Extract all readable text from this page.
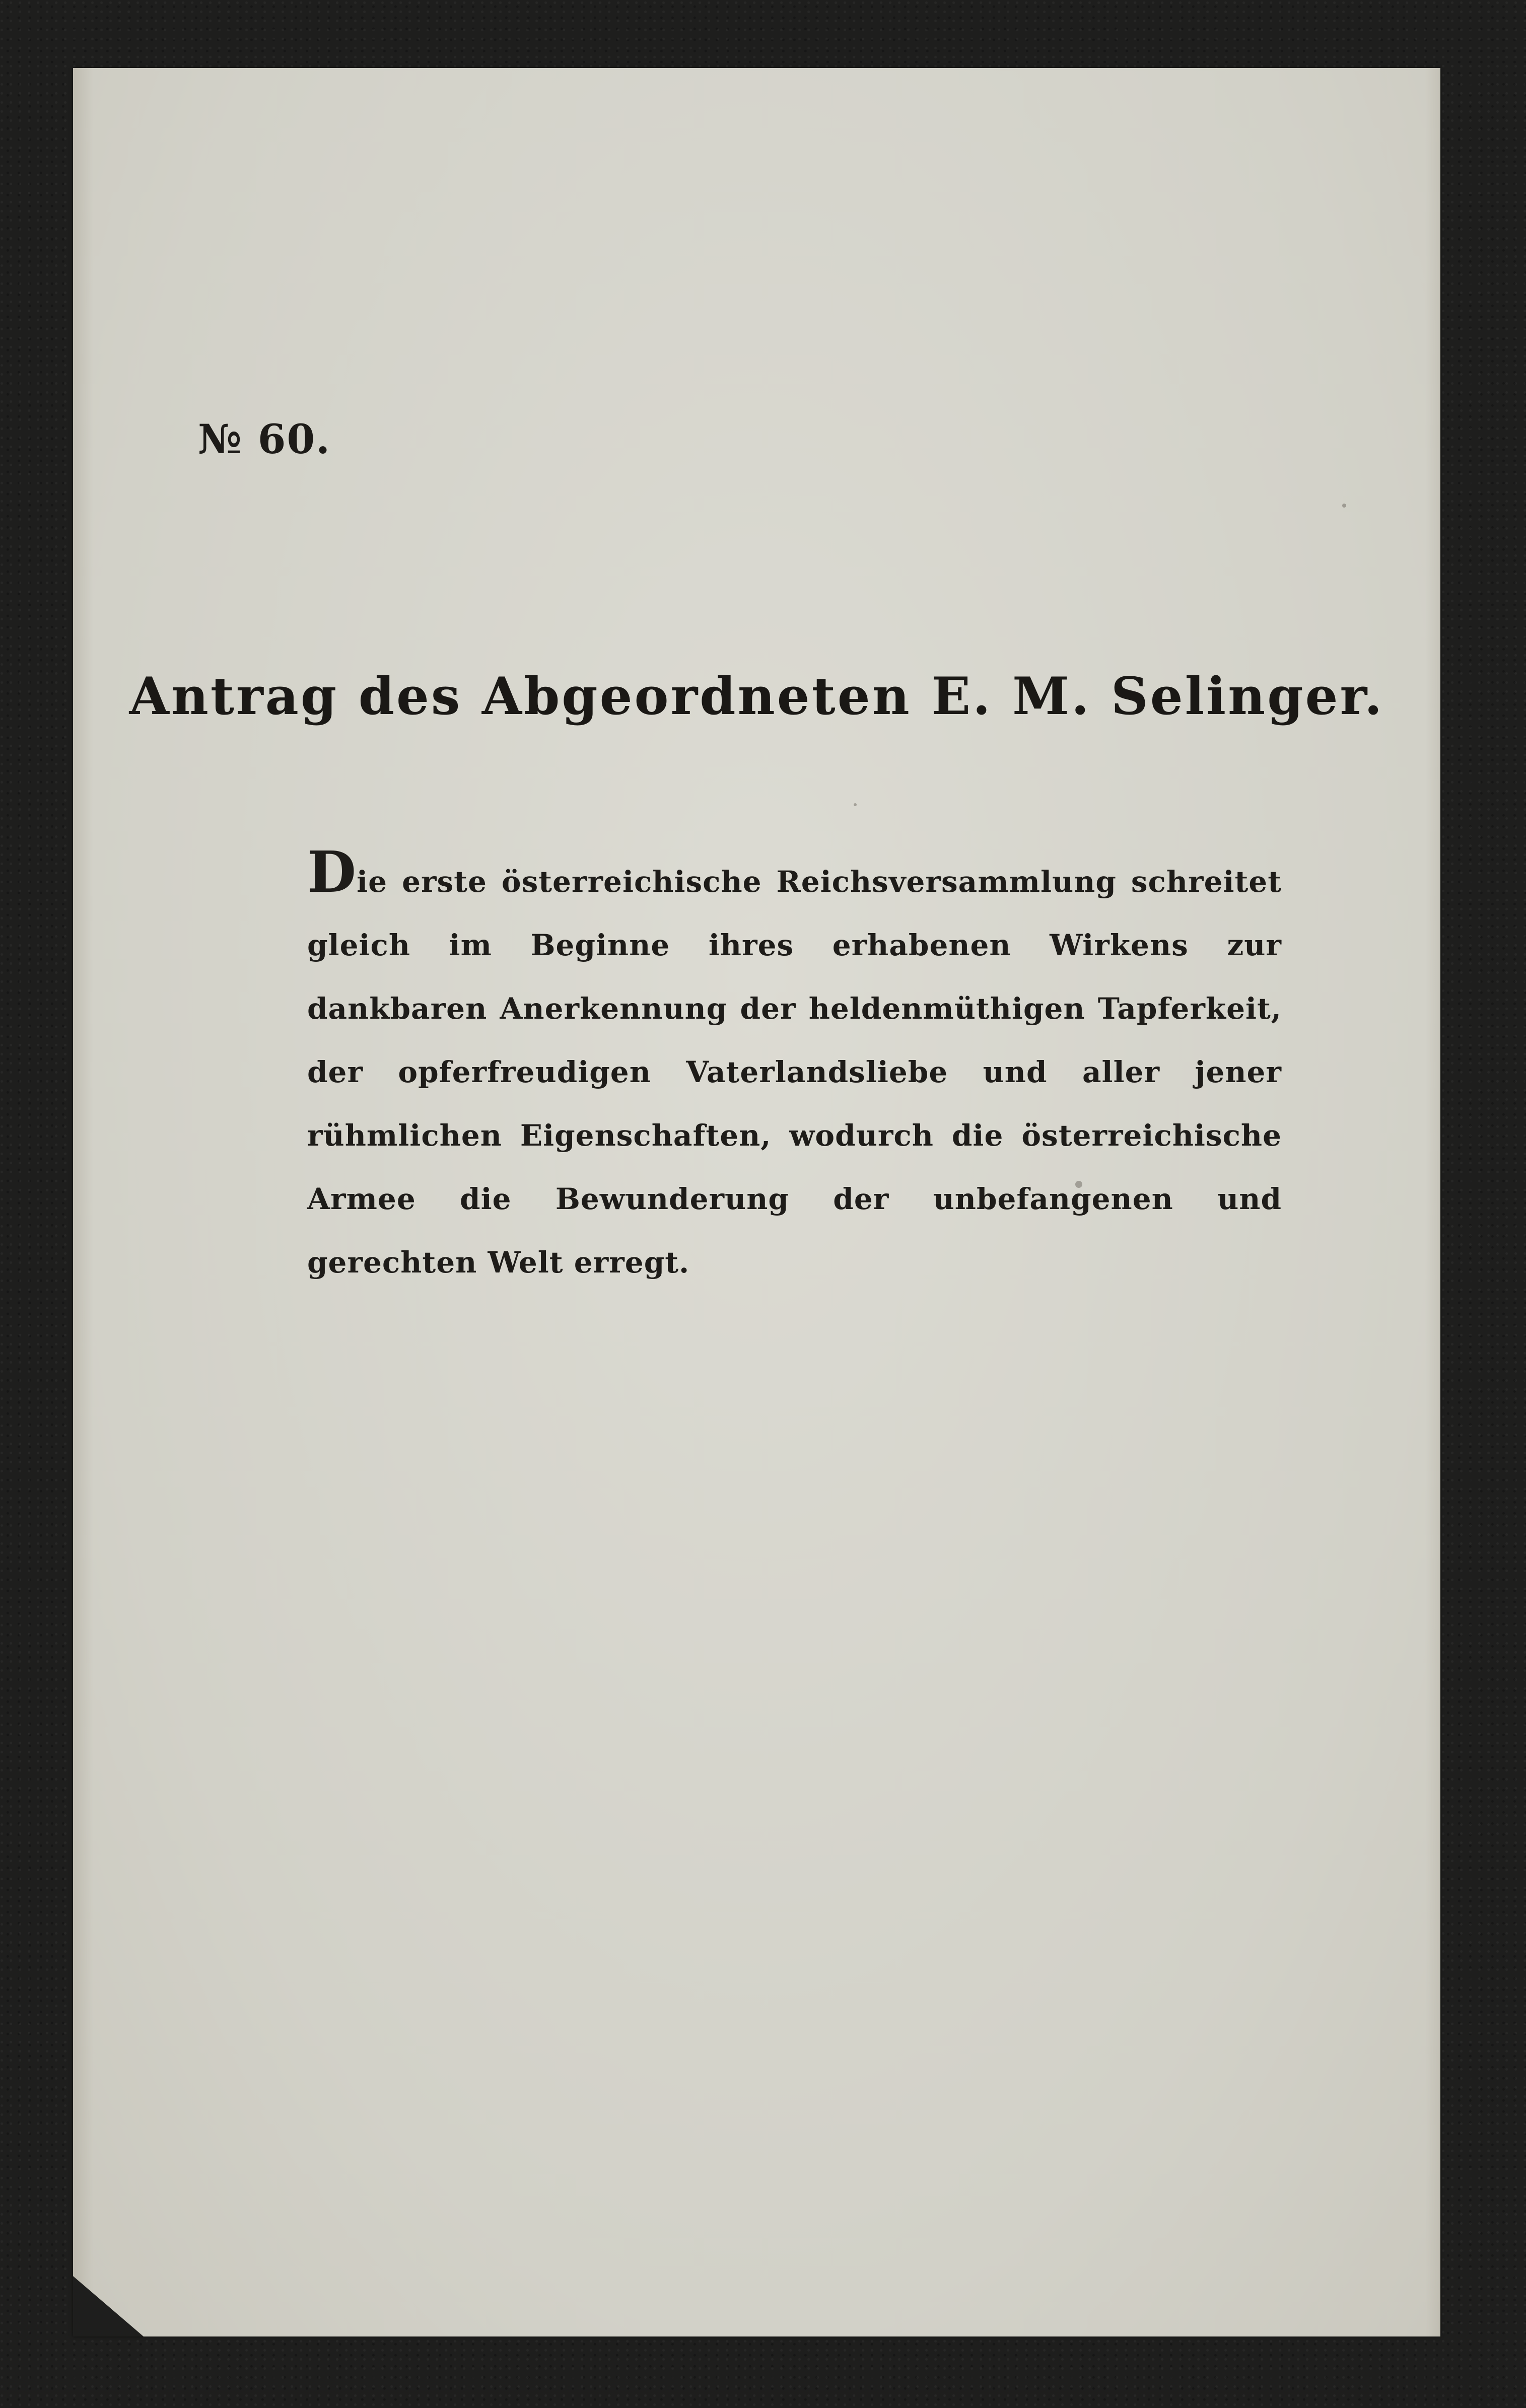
№ 60.
Antrag des Abgeordneten E. M. Selinger.
Die erste österreichische Reichsversammlung schreitet gleich im Beginne ihres erhabenen Wirkens zur dankbaren Anerkennung der heldenmüthigen Tapferkeit, der opferfreudigen Vaterlandsliebe und aller jener rühmlichen Eigenschaften, wodurch die österreichische Armee die Bewunderung der unbefangenen und gerechten Welt erregt.
